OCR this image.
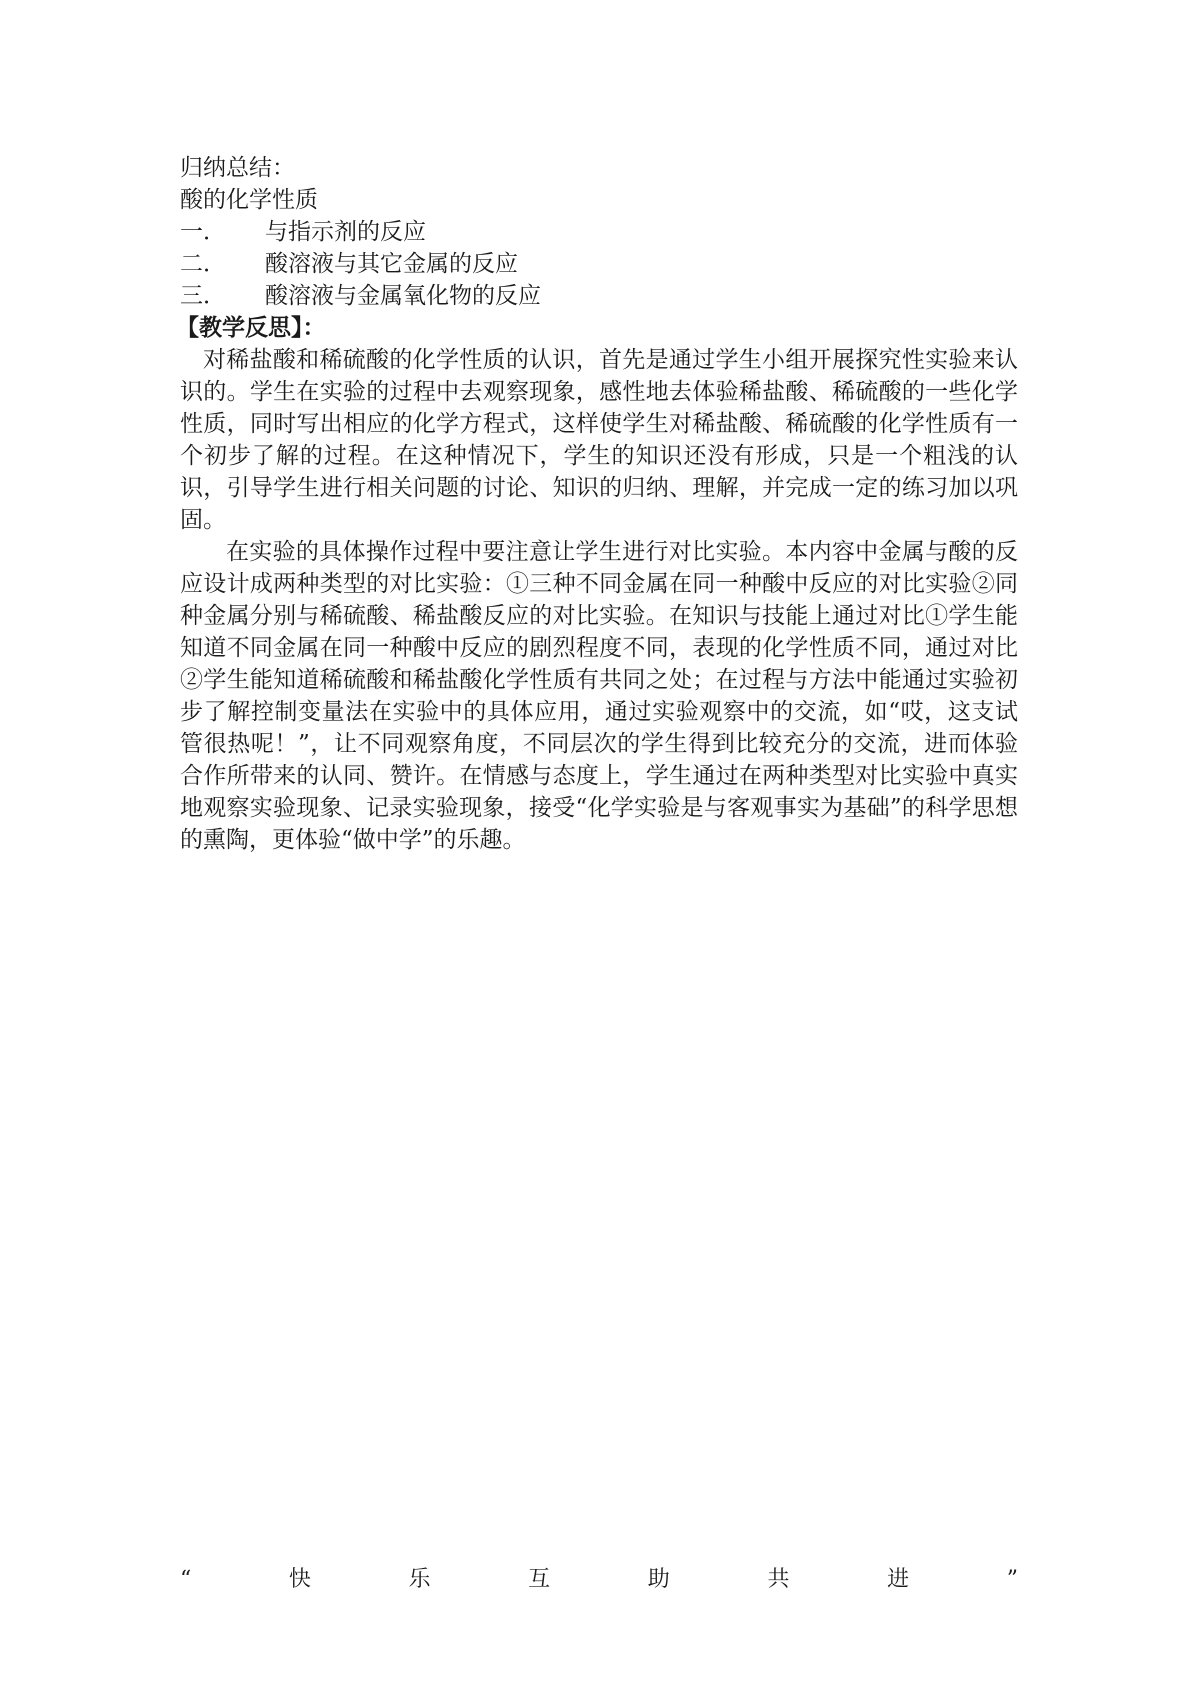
归纳总结：

酸的化学性质

一．	与指示剂的反应
二．	酸溶液与其它金属的反应
三．	酸溶液与金属氧化物的反应

【教学反思】：

对稀盐酸和稀硫酸的化学性质的认识，首先是通过学生小组开展探究性实验来认识的。学生在实验的过程中去观察现象，感性地去体验稀盐酸、稀硫酸的一些化学性质，同时写出相应的化学方程式，这样使学生对稀盐酸、稀硫酸的化学性质有一个初步了解的过程。在这种情况下，学生的知识还没有形成，只是一个粗浅的认识，引导学生进行相关问题的讨论、知识的归纳、理解，并完成一定的练习加以巩固。

在实验的具体操作过程中要注意让学生进行对比实验。本内容中金属与酸的反应设计成两种类型的对比实验：①三种不同金属在同一种酸中反应的对比实验②同种金属分别与稀硫酸、稀盐酸反应的对比实验。在知识与技能上通过对比①学生能知道不同金属在同一种酸中反应的剧烈程度不同，表现的化学性质不同，通过对比②学生能知道稀硫酸和稀盐酸化学性质有共同之处；在过程与方法中能通过实验初步了解控制变量法在实验中的具体应用，通过实验观察中的交流，如“哎，这支试管很热呢！”，让不同观察角度，不同层次的学生得到比较充分的交流，进而体验合作所带来的认同、赞许。在情感与态度上，学生通过在两种类型对比实验中真实地观察实验现象、记录实验现象，接受“化学实验是与客观事实为基础”的科学思想的熏陶，更体验“做中学”的乐趣。

“	快	乐	互	助	共	进	”
